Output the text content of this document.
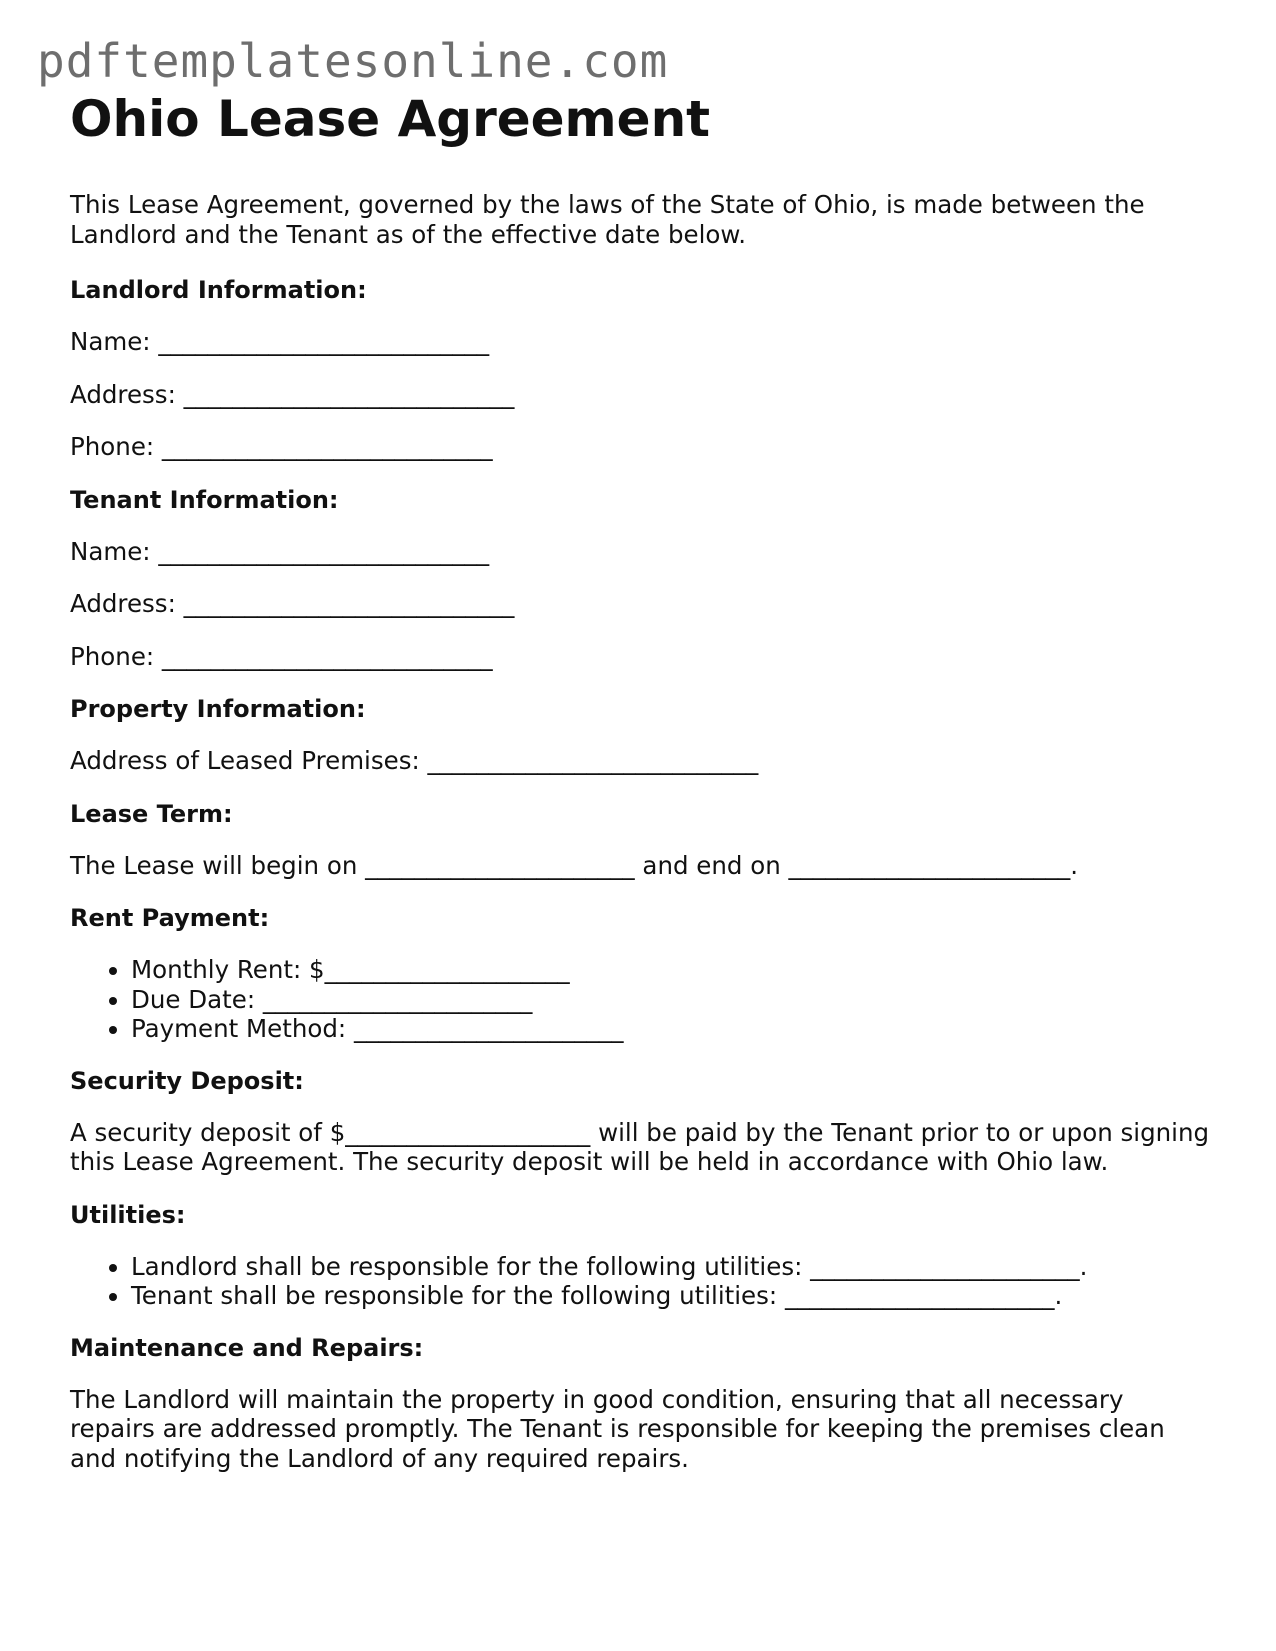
pdftemplatesonline.com
Ohio Lease Agreement

This Lease Agreement, governed by the laws of the State of Ohio, is made between the Landlord and the Tenant as of the effective date below.

Landlord Information:

Name: ___________________________

Address: ___________________________

Phone: ___________________________

Tenant Information:

Name: ___________________________

Address: ___________________________

Phone: ___________________________

Property Information:

Address of Leased Premises: ___________________________

Lease Term:

The Lease will begin on ______________________ and end on _______________________.

Rent Payment:
• Monthly Rent: $____________________
• Due Date: ______________________
• Payment Method: ______________________
Security Deposit:

A security deposit of $____________________ will be paid by the Tenant prior to or upon signing this Lease Agreement. The security deposit will be held in accordance with Ohio law.

Utilities:
• Landlord shall be responsible for the following utilities: ______________________.
• Tenant shall be responsible for the following utilities: ______________________.
Maintenance and Repairs:

The Landlord will maintain the property in good condition, ensuring that all necessary repairs are addressed promptly. The Tenant is responsible for keeping the premises clean and notifying the Landlord of any required repairs.
